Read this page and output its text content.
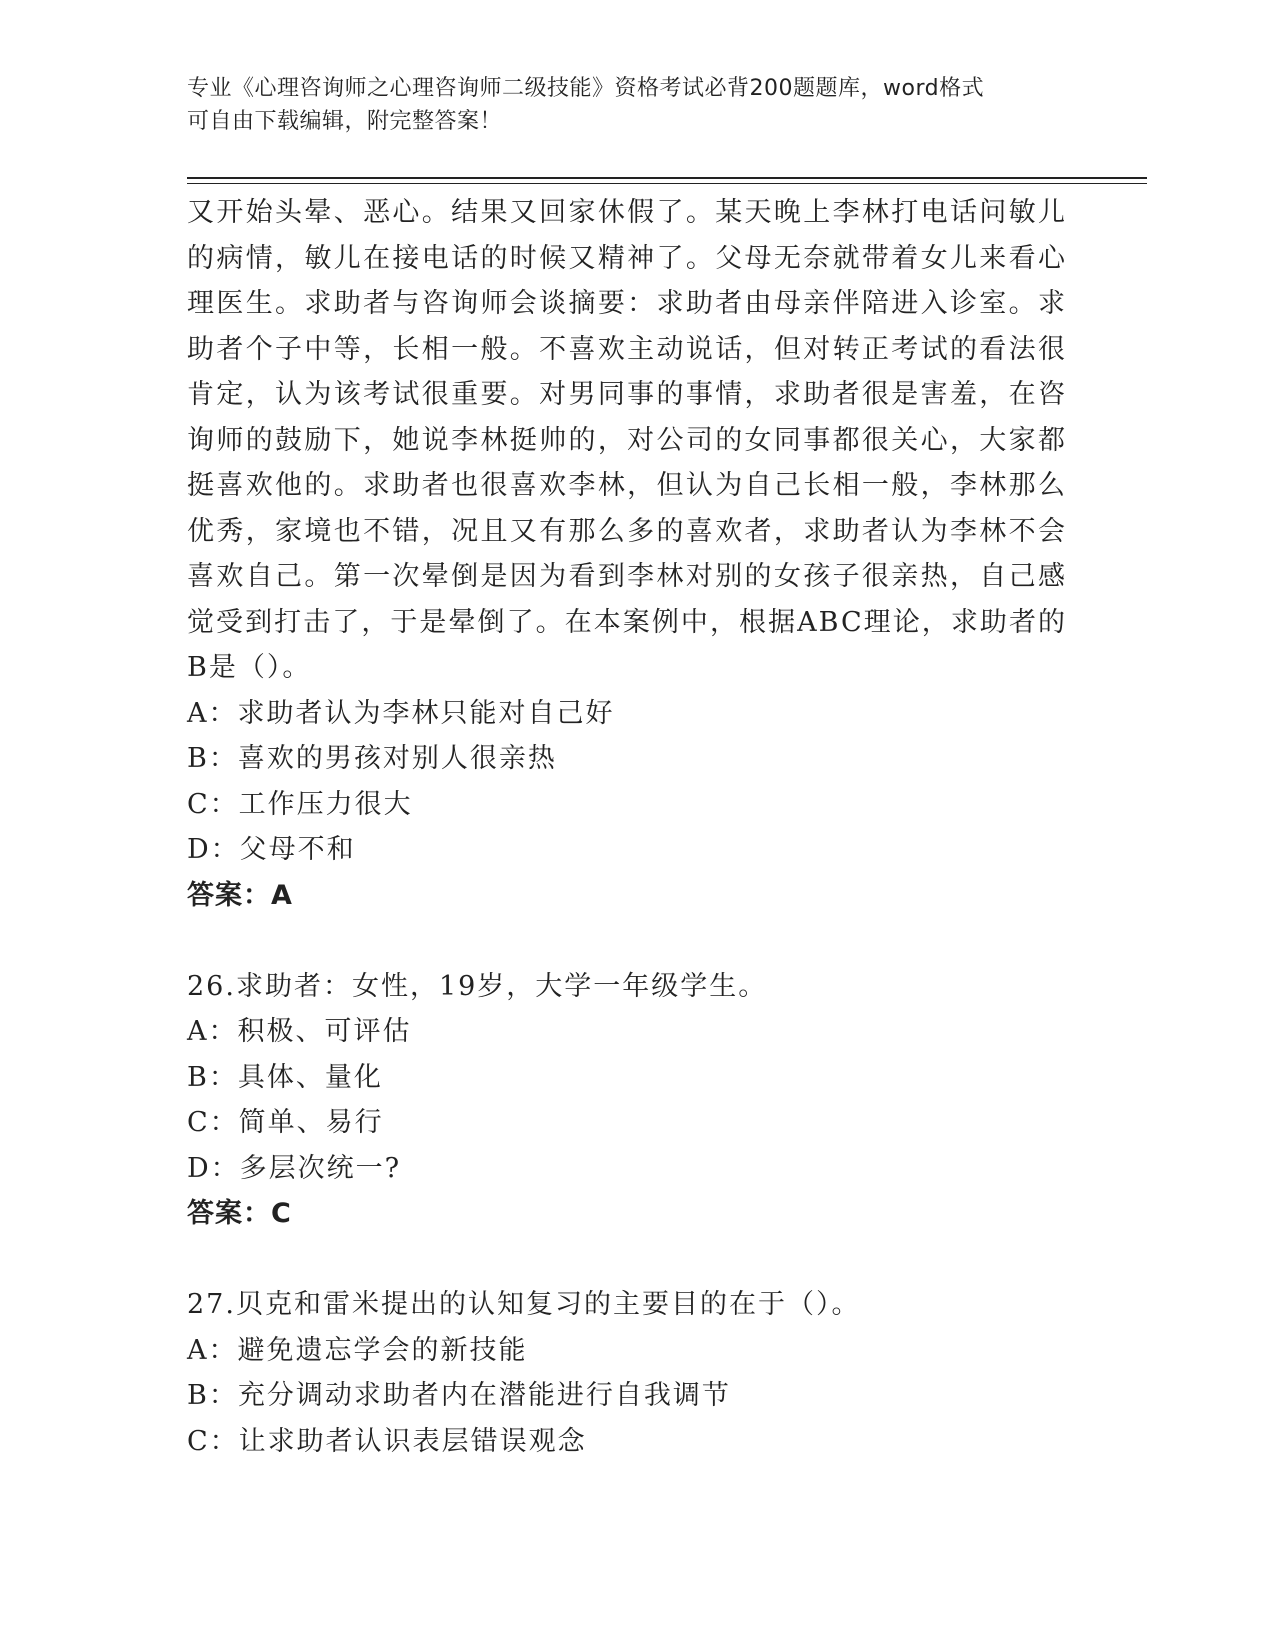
专业《心理咨询师之心理咨询师二级技能》资格考试必背200题题库，word格式
可自由下载编辑，附完整答案！

又开始头晕、恶心。结果又回家休假了。某天晚上李林打电话问敏儿的病情，敏儿在接电话的时候又精神了。父母无奈就带着女儿来看心理医生。求助者与咨询师会谈摘要：求助者由母亲伴陪进入诊室。求助者个子中等，长相一般。不喜欢主动说话，但对转正考试的看法很肯定，认为该考试很重要。对男同事的事情，求助者很是害羞，在咨询师的鼓励下，她说李林挺帅的，对公司的女同事都很关心，大家都挺喜欢他的。求助者也很喜欢李林，但认为自己长相一般，李林那么优秀，家境也不错，况且又有那么多的喜欢者，求助者认为李林不会喜欢自己。第一次晕倒是因为看到李林对别的女孩子很亲热，自己感觉受到打击了，于是晕倒了。在本案例中，根据ABC理论，求助者的B是（）。

A：求助者认为李林只能对自己好
B：喜欢的男孩对别人很亲热
C：工作压力很大
D：父母不和
答案：A
26.求助者：女性，19岁，大学一年级学生。
A：积极、可评估
B：具体、量化
C：简单、易行
D：多层次统一?
答案：C
27.贝克和雷米提出的认知复习的主要目的在于（）。
A：避免遗忘学会的新技能
B：充分调动求助者内在潜能进行自我调节
C：让求助者认识表层错误观念
